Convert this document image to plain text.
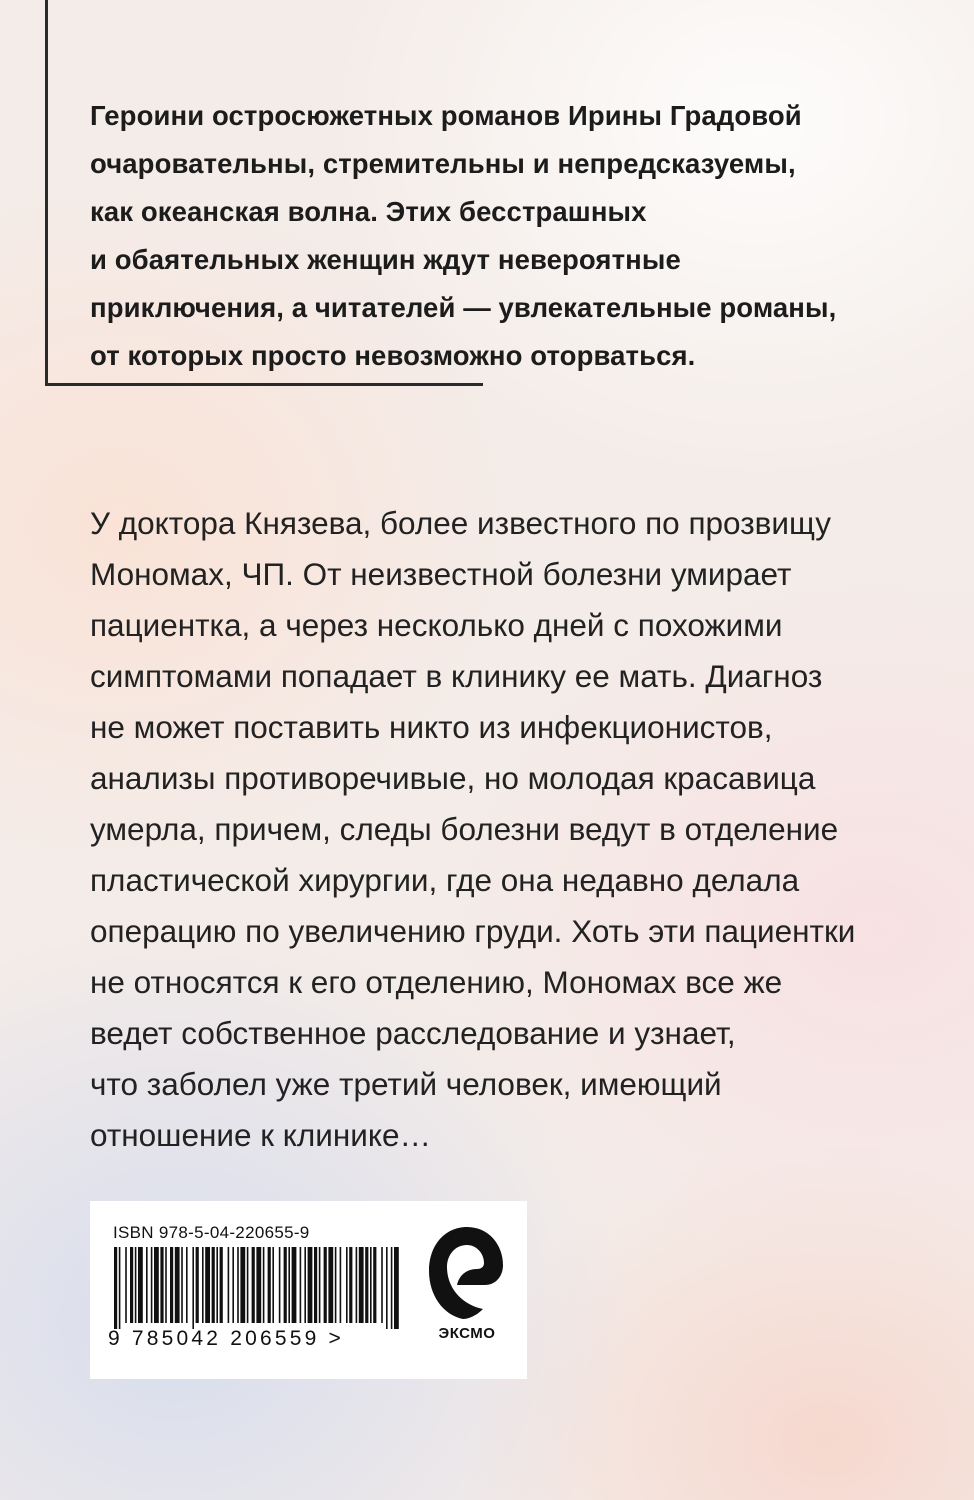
Героини остросюжетных романов Ирины Градовой
очаровательны, стремительны и непредсказуемы,
как океанская волна. Этих бесстрашных
и обаятельных женщин ждут невероятные
приключения, а читателей — увлекательные романы,
от которых просто невозможно оторваться.
У доктора Князева, более известного по прозвищу
Мономах, ЧП. От неизвестной болезни умирает
пациентка, а через несколько дней с похожими
симптомами попадает в клинику ее мать. Диагноз
не может поставить никто из инфекционистов,
анализы противоречивые, но молодая красавица
умерла, причем, следы болезни ведут в отделение
пластической хирургии, где она недавно делала
операцию по увеличению груди. Хоть эти пациентки
не относятся к его отделению, Мономах все же
ведет собственное расследование и узнает,
что заболел уже третий человек, имеющий
отношение к клинике…
ISBN 978-5-04-220655-9
9 785042 206559 >	ЭКСМО
